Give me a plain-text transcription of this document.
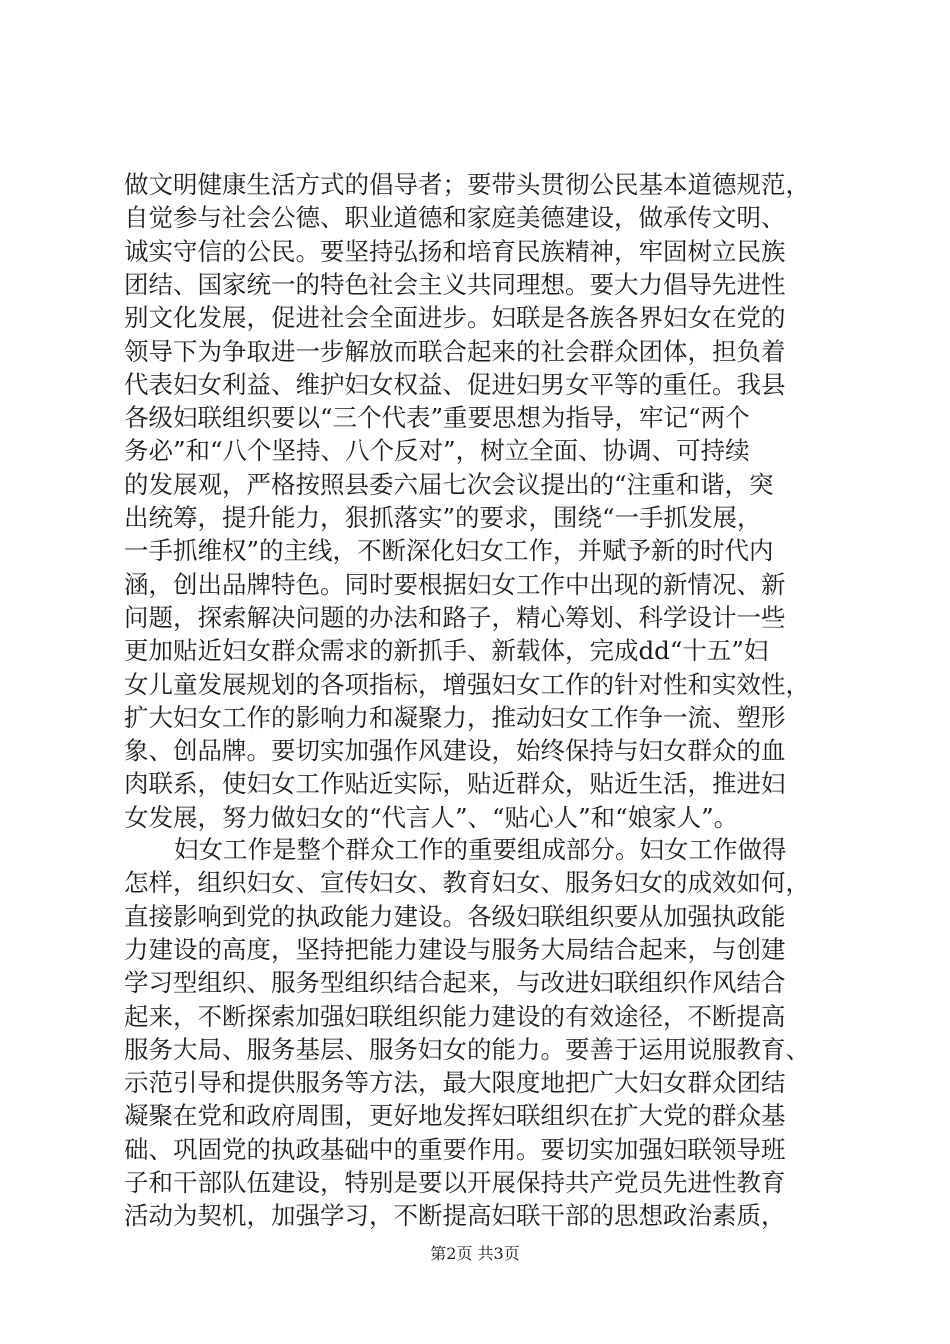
做文明健康生活方式的倡导者；要带头贯彻公民基本道德规范，
自觉参与社会公德、职业道德和家庭美德建设，做承传文明、
诚实守信的公民。要坚持弘扬和培育民族精神，牢固树立民族
团结、国家统一的特色社会主义共同理想。要大力倡导先进性
别文化发展，促进社会全面进步。妇联是各族各界妇女在党的
领导下为争取进一步解放而联合起来的社会群众团体，担负着
代表妇女利益、维护妇女权益、促进妇男女平等的重任。我县
各级妇联组织要以“三个代表”重要思想为指导，牢记“两个
务必”和“八个坚持、八个反对”，树立全面、协调、可持续
的发展观，严格按照县委六届七次会议提出的“注重和谐，突
出统筹，提升能力，狠抓落实”的要求，围绕“一手抓发展，
一手抓维权”的主线，不断深化妇女工作，并赋予新的时代内
涵，创出品牌特色。同时要根据妇女工作中出现的新情况、新
问题，探索解决问题的办法和路子，精心筹划、科学设计一些
更加贴近妇女群众需求的新抓手、新载体，完成dd“十五”妇
女儿童发展规划的各项指标，增强妇女工作的针对性和实效性，
扩大妇女工作的影响力和凝聚力，推动妇女工作争一流、塑形
象、创品牌。要切实加强作风建设，始终保持与妇女群众的血
肉联系，使妇女工作贴近实际，贴近群众，贴近生活，推进妇
女发展，努力做妇女的“代言人”、“贴心人”和“娘家人”。
妇女工作是整个群众工作的重要组成部分。妇女工作做得
怎样，组织妇女、宣传妇女、教育妇女、服务妇女的成效如何，
直接影响到党的执政能力建设。各级妇联组织要从加强执政能
力建设的高度，坚持把能力建设与服务大局结合起来，与创建
学习型组织、服务型组织结合起来，与改进妇联组织作风结合
起来，不断探索加强妇联组织能力建设的有效途径，不断提高
服务大局、服务基层、服务妇女的能力。要善于运用说服教育、
示范引导和提供服务等方法，最大限度地把广大妇女群众团结
凝聚在党和政府周围，更好地发挥妇联组织在扩大党的群众基
础、巩固党的执政基础中的重要作用。要切实加强妇联领导班
子和干部队伍建设，特别是要以开展保持共产党员先进性教育
活动为契机，加强学习，不断提高妇联干部的思想政治素质，
第2页 共3页
